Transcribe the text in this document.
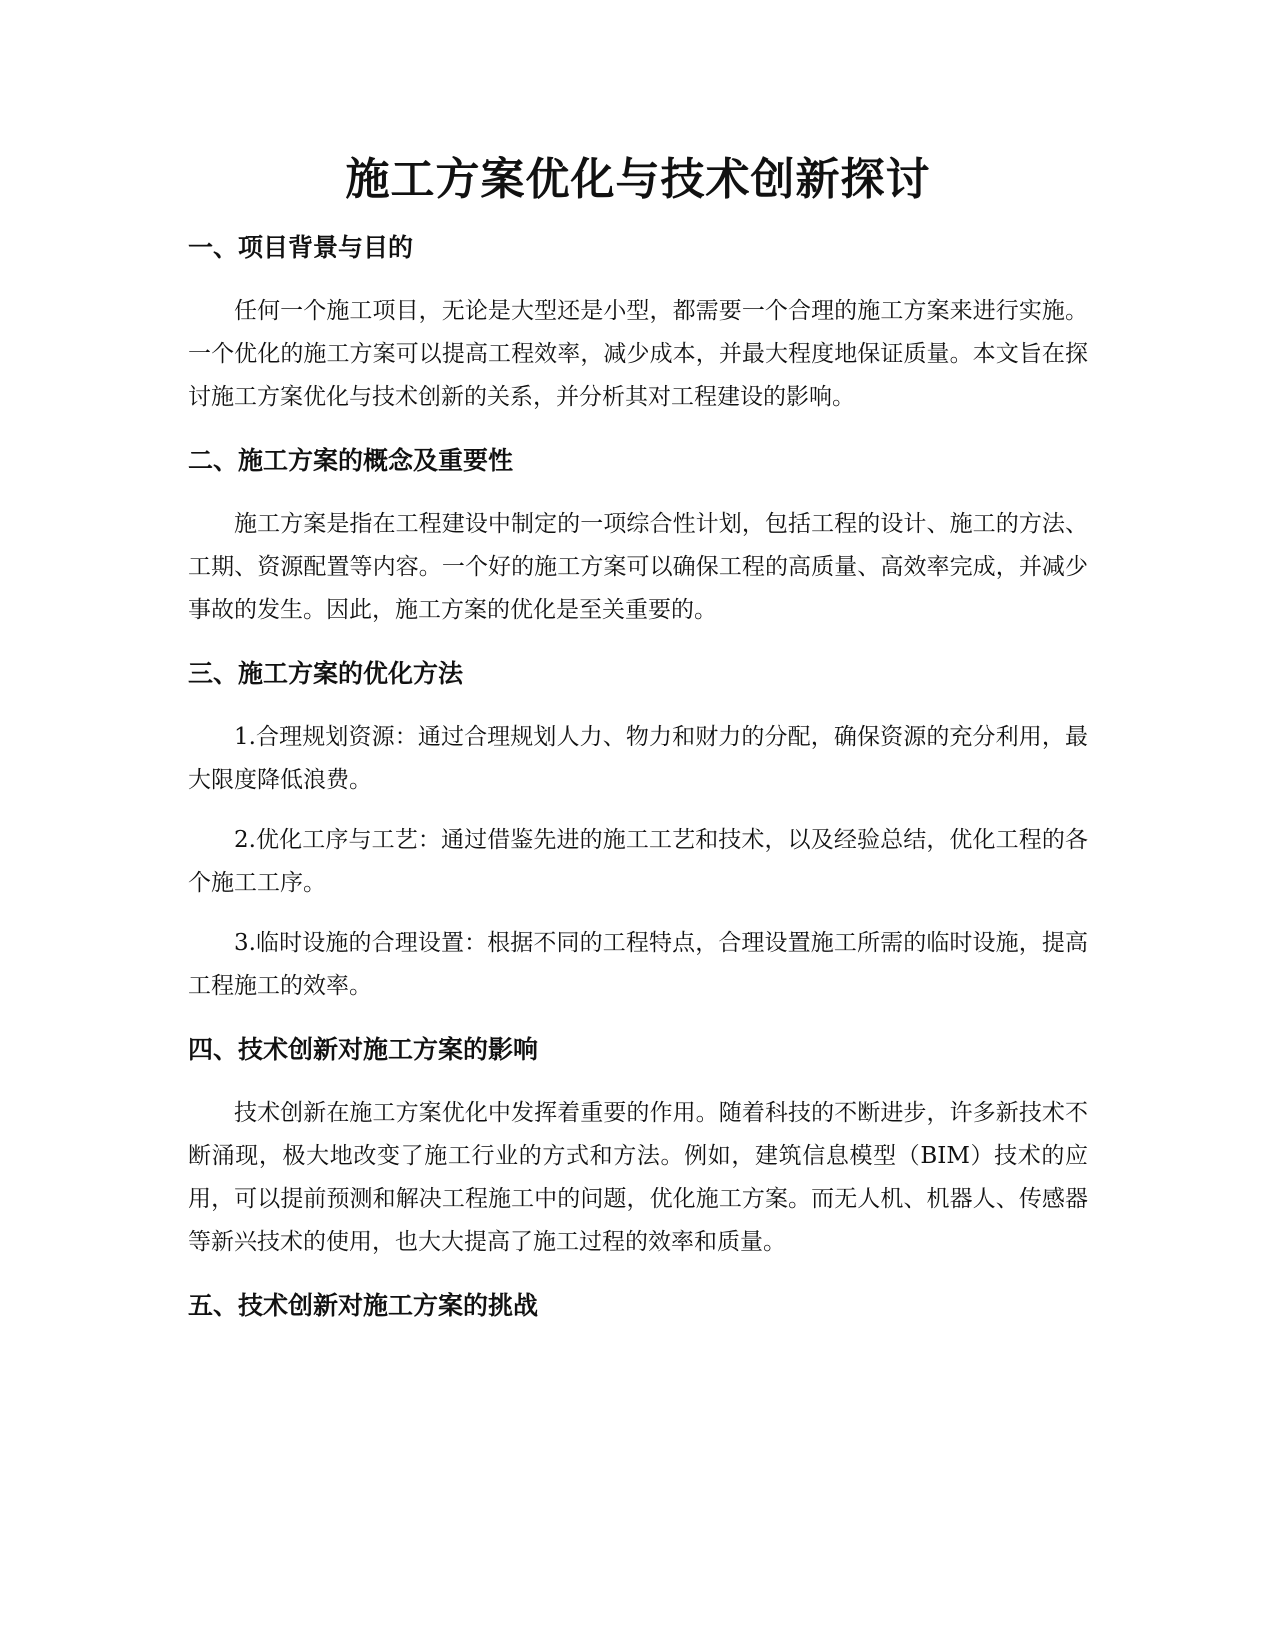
施工方案优化与技术创新探讨
一、项目背景与目的

任何一个施工项目，无论是大型还是小型，都需要一个合理的施工方案来进行实施。一个优化的施工方案可以提高工程效率，减少成本，并最大程度地保证质量。本文旨在探讨施工方案优化与技术创新的关系，并分析其对工程建设的影响。

二、施工方案的概念及重要性

施工方案是指在工程建设中制定的一项综合性计划，包括工程的设计、施工的方法、工期、资源配置等内容。一个好的施工方案可以确保工程的高质量、高效率完成，并减少事故的发生。因此，施工方案的优化是至关重要的。

三、施工方案的优化方法

1.合理规划资源：通过合理规划人力、物力和财力的分配，确保资源的充分利用，最大限度降低浪费。

2.优化工序与工艺：通过借鉴先进的施工工艺和技术，以及经验总结，优化工程的各个施工工序。

3.临时设施的合理设置：根据不同的工程特点，合理设置施工所需的临时设施，提高工程施工的效率。

四、技术创新对施工方案的影响

技术创新在施工方案优化中发挥着重要的作用。随着科技的不断进步，许多新技术不断涌现，极大地改变了施工行业的方式和方法。例如，建筑信息模型（BIM）技术的应用，可以提前预测和解决工程施工中的问题，优化施工方案。而无人机、机器人、传感器等新兴技术的使用，也大大提高了施工过程的效率和质量。

五、技术创新对施工方案的挑战
